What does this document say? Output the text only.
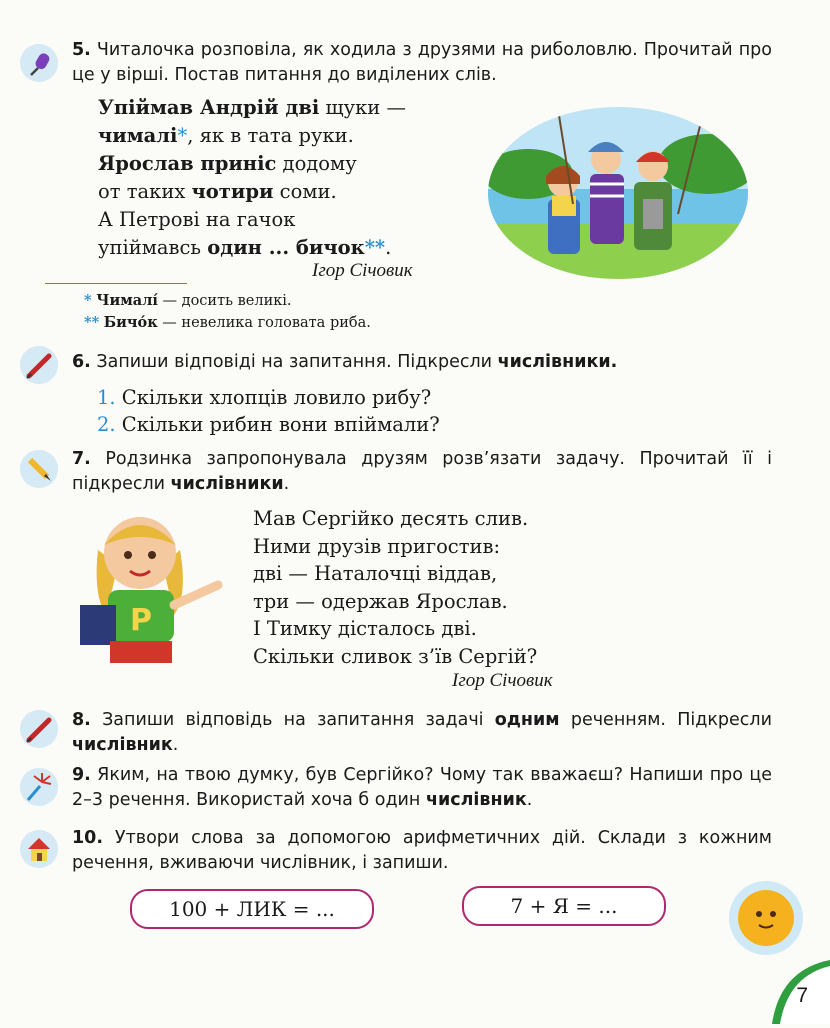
5. Читалочка розповіла, як ходила з друзями на риболовлю. Прочитай про це у вірші. Постав питання до виділених слів.
Упіймав Андрій дві щуки —
чималі*, як в тата руки.
Ярослав приніс додому
от таких чотири соми.
А Петрові на гачок
упіймавсь один ... бичок**.
Ігор Січовик
* Чималі́ — досить великі.
** Бичо́к — невелика головата риба.
6. Запиши відповіді на запитання. Підкресли числівники.
1. Скільки хлопців ловило рибу?
2. Скільки рибин вони впіймали?
7. Родзинка запропонувала друзям розв’язати задачу. Прочитай її і підкресли числівники.
Р
Мав Сергійко десять слив.
Ними друзів пригостив:
дві — Наталочці віддав,
три — одержав Ярослав.
І Тимку дісталось дві.
Скільки сливок з’їв Сергій?
Ігор Січовик
8. Запиши відповідь на запитання задачі одним реченням. Підкресли числівник.
9. Яким, на твою думку, був Сергійко? Чому так вважаєш? Напиши про це 2–3 речення. Використай хоча б один числівник.
10. Утвори слова за допомогою арифметичних дій. Склади з кожним речення, вживаючи числівник, і запиши.
100 + ЛИК = ...	7 + Я = ...
7
